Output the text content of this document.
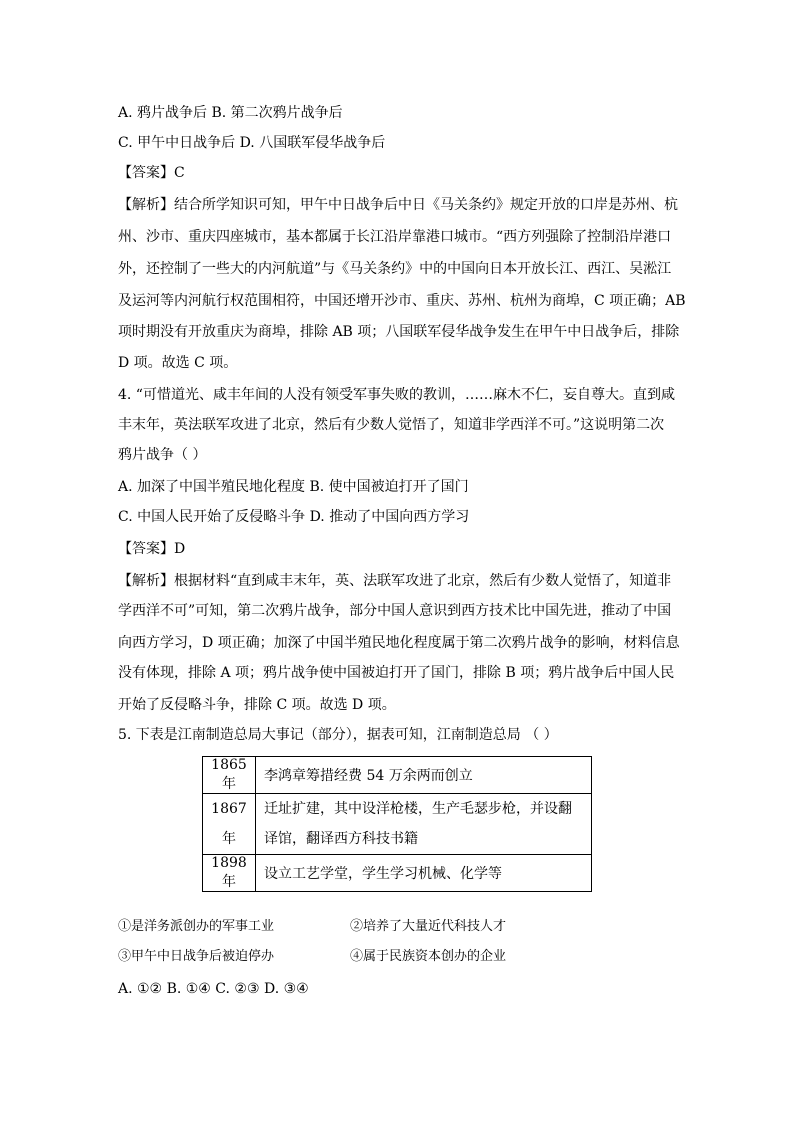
A. 鸦片战争后 B. 第二次鸦片战争后
C. 甲午中日战争后 D. 八国联军侵华战争后
【答案】C
【解析】结合所学知识可知，甲午中日战争后中日《马关条约》规定开放的口岸是苏州、杭
州、沙市、重庆四座城市，基本都属于长江沿岸靠港口城市。“西方列强除了控制沿岸港口
外，还控制了一些大的内河航道”与《马关条约》中的中国向日本开放长江、西江、吴淞江
及运河等内河航行权范围相符，中国还增开沙市、重庆、苏州、杭州为商埠，C 项正确；AB
项时期没有开放重庆为商埠，排除 AB 项；八国联军侵华战争发生在甲午中日战争后，排除
D 项。故选 C 项。
4. “可惜道光、咸丰年间的人没有领受军事失败的教训，……麻木不仁，妄自尊大。直到咸
丰末年，英法联军攻进了北京，然后有少数人觉悟了，知道非学西洋不可。”这说明第二次
鸦片战争（ ）
A. 加深了中国半殖民地化程度 B. 使中国被迫打开了国门
C. 中国人民开始了反侵略斗争 D. 推动了中国向西方学习
【答案】D
【解析】根据材料“直到咸丰末年，英、法联军攻进了北京，然后有少数人觉悟了，知道非
学西洋不可”可知，第二次鸦片战争，部分中国人意识到西方技术比中国先进，推动了中国
向西方学习，D 项正确；加深了中国半殖民地化程度属于第二次鸦片战争的影响，材料信息
没有体现，排除 A 项；鸦片战争使中国被迫打开了国门，排除 B 项；鸦片战争后中国人民
开始了反侵略斗争，排除 C 项。故选 D 项。
5. 下表是江南制造总局大事记（部分），据表可知，江南制造总局 （ ）
1865年	李鸿章筹措经费 54 万余两而创立
1867年	迁址扩建，其中设洋枪楼，生产毛瑟步枪，并设翻
译馆，翻译西方科技书籍

1898年	设立工艺学堂，学生学习机械、化学等
①是洋务派创办的军事工业	②培养了大量近代科技人才
③甲午中日战争后被迫停办	④属于民族资本创办的企业
A. ①② B. ①④ C. ②③ D. ③④
